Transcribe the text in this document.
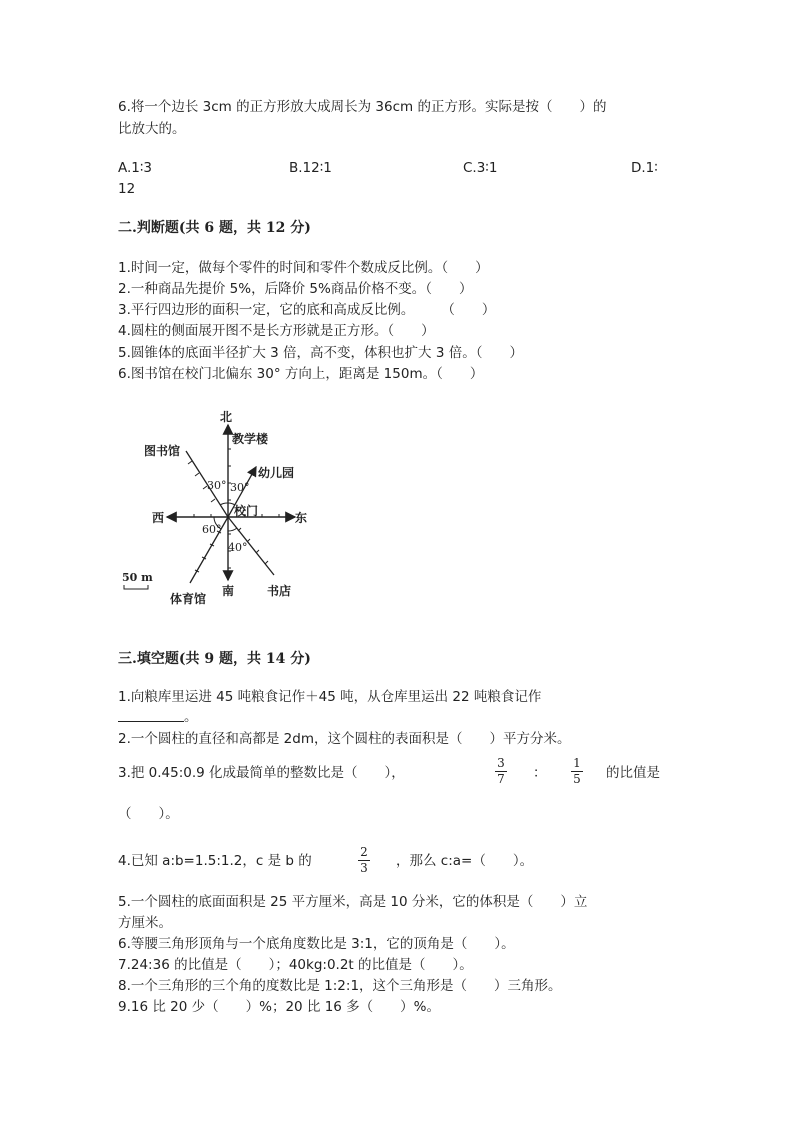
6.将一个边长 3cm 的正方形放大成周长为 36cm 的正方形。实际是按（　　）的
比放大的。
A.1∶3	B.12∶1	C.3∶1	D.1∶
12
二.判断题(共 6 题，共 12 分)
1.时间一定，做每个零件的时间和零件个数成反比例。（　　）
2.一种商品先提价 5%，后降价 5%商品价格不变。（　　）
3.平行四边形的面积一定，它的底和高成反比例。　　　（　　）
4.圆柱的侧面展开图不是长方形就是正方形。（　　）
5.圆锥体的底面半径扩大 3 倍，高不变，体积也扩大 3 倍。（　　）
6.图书馆在校门北偏东 30° 方向上，距离是 150m。（　　）
北
教学楼
图书馆
幼儿园
30° 30°
校门
西	东
60°
40°
50 m
南	书店
体育馆
三.填空题(共 9 题，共 14 分)
1.向粮库里运进 45 吨粮食记作＋45 吨，从仓库里运出 22 吨粮食记作
。
2.一个圆柱的直径和高都是 2dm，这个圆柱的表面积是（　　）平方分米。
3.把 0.45:0.9 化成最简单的整数比是（　　），
3
7 ：
1
5 的比值是
（　　）。
4.已知 a:b=1.5:1.2，c 是 b 的
2
3 ，那么 c:a=（　　）。
5.一个圆柱的底面面积是 25 平方厘米，高是 10 分米，它的体积是（　　）立
方厘米。
6.等腰三角形顶角与一个底角度数比是 3:1，它的顶角是（　　）。
7.24:36 的比值是（　　）；40kg:0.2t 的比值是（　　）。
8.一个三角形的三个角的度数比是 1:2:1，这个三角形是（　　）三角形。
9.16 比 20 少（　　）%；20 比 16 多（　　）%。
